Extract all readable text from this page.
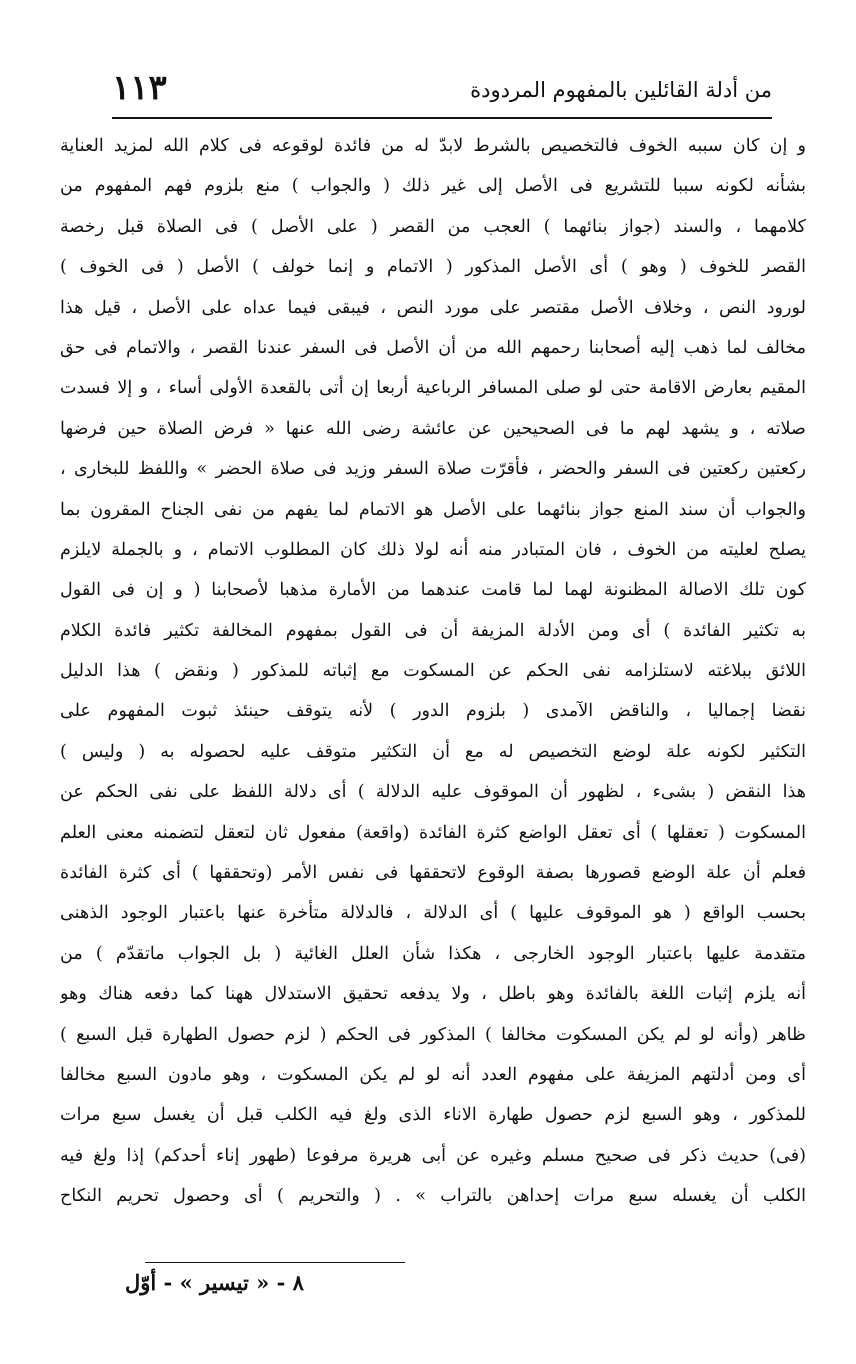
من أدلة القائلين بالمفهوم المردودة
١١٣
و إن كان سببه الخوف فالتخصيص بالشرط لابدّ له من فائدة لوقوعه فى كلام الله لمزيد العناية
بشأنه لكونه سببا للتشريع فى الأصل إلى غير ذلك ( والجواب ) منع بلزوم فهم المفهوم من
كلامهما ، والسند (جواز بنائهما ) العجب من القصر ( على الأصل ) فى الصلاة قبل رخصة
القصر للخوف ( وهو ) أى الأصل المذكور ( الاتمام و إنما خولف ) الأصل ( فى الخوف )
لورود النص ، وخلاف الأصل مقتصر على مورد النص ، فيبقى فيما عداه على الأصل ، قيل هذا
مخالف لما ذهب إليه أصحابنا رحمهم الله من أن الأصل فى السفر عندنا القصر ، والاتمام فى حق
المقيم بعارض الاقامة حتى لو صلى المسافر الرباعية أربعا إن أتى بالقعدة الأولى أساء ، و إلا فسدت
صلاته ، و يشهد لهم ما فى الصحيحين عن عائشة رضى الله عنها « فرض الصلاة حين فرضها
ركعتين ركعتين فى السفر والحضر ، فأقرّت صلاة السفر وزيد فى صلاة الحضر » واللفظ للبخارى ،
والجواب أن سند المنع جواز بنائهما على الأصل هو الاتمام لما يفهم من نفى الجناح المقرون بما
يصلح لعليته من الخوف ، فان المتبادر منه أنه لولا ذلك كان المطلوب الاتمام ، و بالجملة لايلزم
كون تلك الاصالة المظنونة لهما لما قامت عندهما من الأمارة مذهبا لأصحابنا ( و إن فى القول
به تكثير الفائدة ) أى ومن الأدلة المزيفة أن فى القول بمفهوم المخالفة تكثير فائدة الكلام
اللائق ببلاغته لاستلزامه نفى الحكم عن المسكوت مع إثباته للمذكور ( ونقض ) هذا الدليل
نقضا إجماليا ، والناقض الآمدى ( بلزوم الدور ) لأنه يتوقف حينئذ ثبوت المفهوم على
التكثير لكونه علة لوضع التخصيص له مع أن التكثير متوقف عليه لحصوله به ( وليس )
هذا النقض ( بشىء ، لظهور أن الموقوف عليه الدلالة ) أى دلالة اللفظ على نفى الحكم عن
المسكوت ( تعقلها ) أى تعقل الواضع كثرة الفائدة (واقعة) مفعول ثان لتعقل لتضمنه معنى العلم
فعلم أن علة الوضع قصورها بصفة الوقوع لاتحققها فى نفس الأمر (وتحققها ) أى كثرة الفائدة
بحسب الواقع ( هو الموقوف عليها ) أى الدلالة ، فالدلالة متأخرة عنها باعتبار الوجود الذهنى
متقدمة عليها باعتبار الوجود الخارجى ، هكذا شأن العلل الغائية ( بل الجواب ماتقدّم ) من
أنه يلزم إثبات اللغة بالفائدة وهو باطل ، ولا يدفعه تحقيق الاستدلال ههنا كما دفعه هناك وهو
ظاهر (وأنه لو لم يكن المسكوت مخالفا ) المذكور فى الحكم ( لزم حصول الطهارة قبل السبع )
أى ومن أدلتهم المزيفة على مفهوم العدد أنه لو لم يكن المسكوت ، وهو مادون السبع مخالفا
للمذكور ، وهو السبع لزم حصول طهارة الاناء الذى ولغ فيه الكلب قبل أن يغسل سبع مرات
(فى) حديث ذكر فى صحيح مسلم وغيره عن أبى هريرة مرفوعا (طهور إناء أحدكم) إذا ولغ فيه
الكلب أن يغسله سبع مرات إحداهن بالتراب » . ( والتحريم ) أى وحصول تحريم النكاح
٨ - « تيسير » - أوّل
